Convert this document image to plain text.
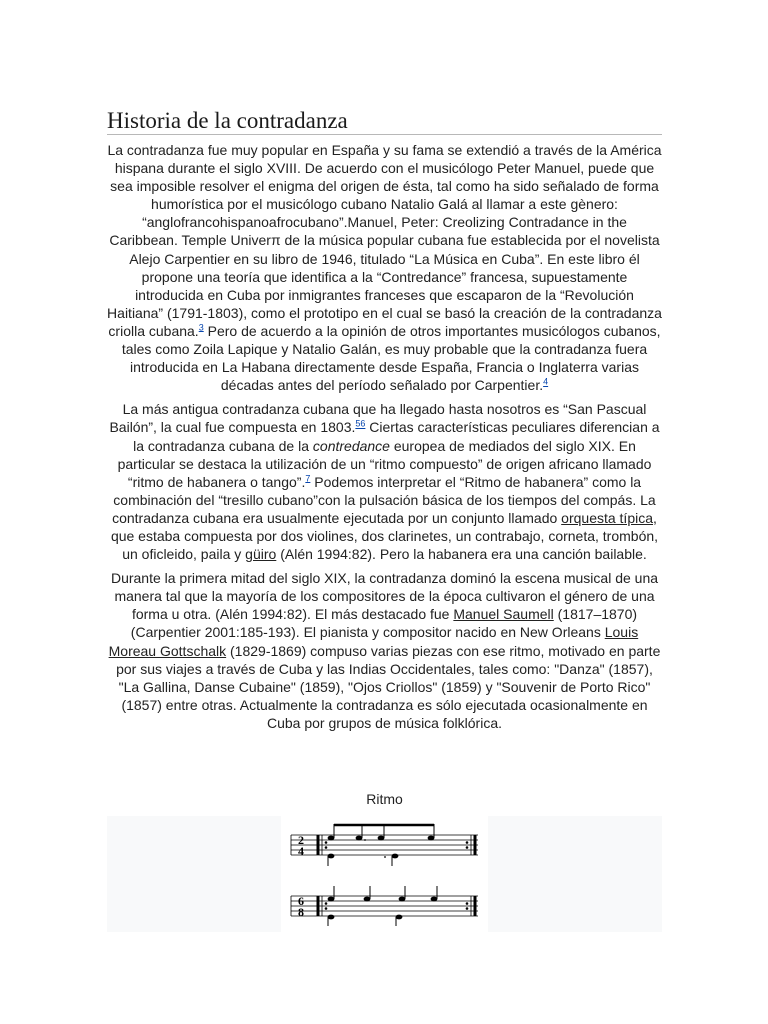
Historia de la contradanza

La contradanza fue muy popular en España y su fama se extendió a través de la América hispana durante el siglo XVIII. De acuerdo con el musicólogo Peter Manuel, puede que sea imposible resolver el enigma del origen de ésta, tal como ha sido señalado de forma humorística por el musicólogo cubano Natalio Galá al llamar a este gènero: “anglofrancohispanoafrocubano”.Manuel, Peter: Creolizing Contradance in the Caribbean. Temple Univerπ de la música popular cubana fue establecida por el novelista Alejo Carpentier en su libro de 1946, titulado “La Música en Cuba”. En este libro él propone una teoría que identifica a la “Contredance” francesa, supuestamente introducida en Cuba por inmigrantes franceses que escaparon de la “Revolución Haitiana” (1791-1803), como el prototipo en el cual se basó la creación de la contradanza criolla cubana.$^3$ Pero de acuerdo a la opinión de otros importantes musicólogos cubanos, tales como Zoila Lapique y Natalio Galán, es muy probable que la contradanza fuera introducida en La Habana directamente desde España, Francia o Inglaterra varias décadas antes del período señalado por Carpentier.$^4$

La más antigua contradanza cubana que ha llegado hasta nosotros es “San Pascual Bailón”, la cual fue compuesta en 1803.56 Ciertas características peculiares diferencian a la contradanza cubana de la contredance europea de mediados del siglo XIX. En particular se destaca la utilización de un “ritmo compuesto” de origen africano llamado “ritmo de habanera o tango”.$^7$ Podemos interpretar el “Ritmo de habanera” como la combinación del “tresillo cubano”con la pulsación básica de los tiempos del compás. La contradanza cubana era usualmente ejecutada por un conjunto llamado orquesta típica, que estaba compuesta por dos violines, dos clarinetes, un contrabajo, corneta, trombón, un oficleido, paila y güiro (Alén 1994:82). Pero la habanera era una canción bailable.

Durante la primera mitad del siglo XIX, la contradanza dominó la escena musical de una manera tal que la mayoría de los compositores de la época cultivaron el género de una forma u otra. (Alén 1994:82). El más destacado fue Manuel Saumell (1817–1870) (Carpentier 2001:185-193). El pianista y compositor nacido en New Orleans Louis Moreau Gottschalk (1829-1869) compuso varias piezas con ese ritmo, motivado en parte por sus viajes a través de Cuba y las Indias Occidentales, tales como: "Danza" (1857), "La Gallina, Danse Cubaine" (1859), "Ojos Criollos" (1859) y "Souvenir de Porto Rico" (1857) entre otras. Actualmente la contradanza es sólo ejecutada ocasionalmente en Cuba por grupos de música folklórica.

Ritmo
2
4
6
8
